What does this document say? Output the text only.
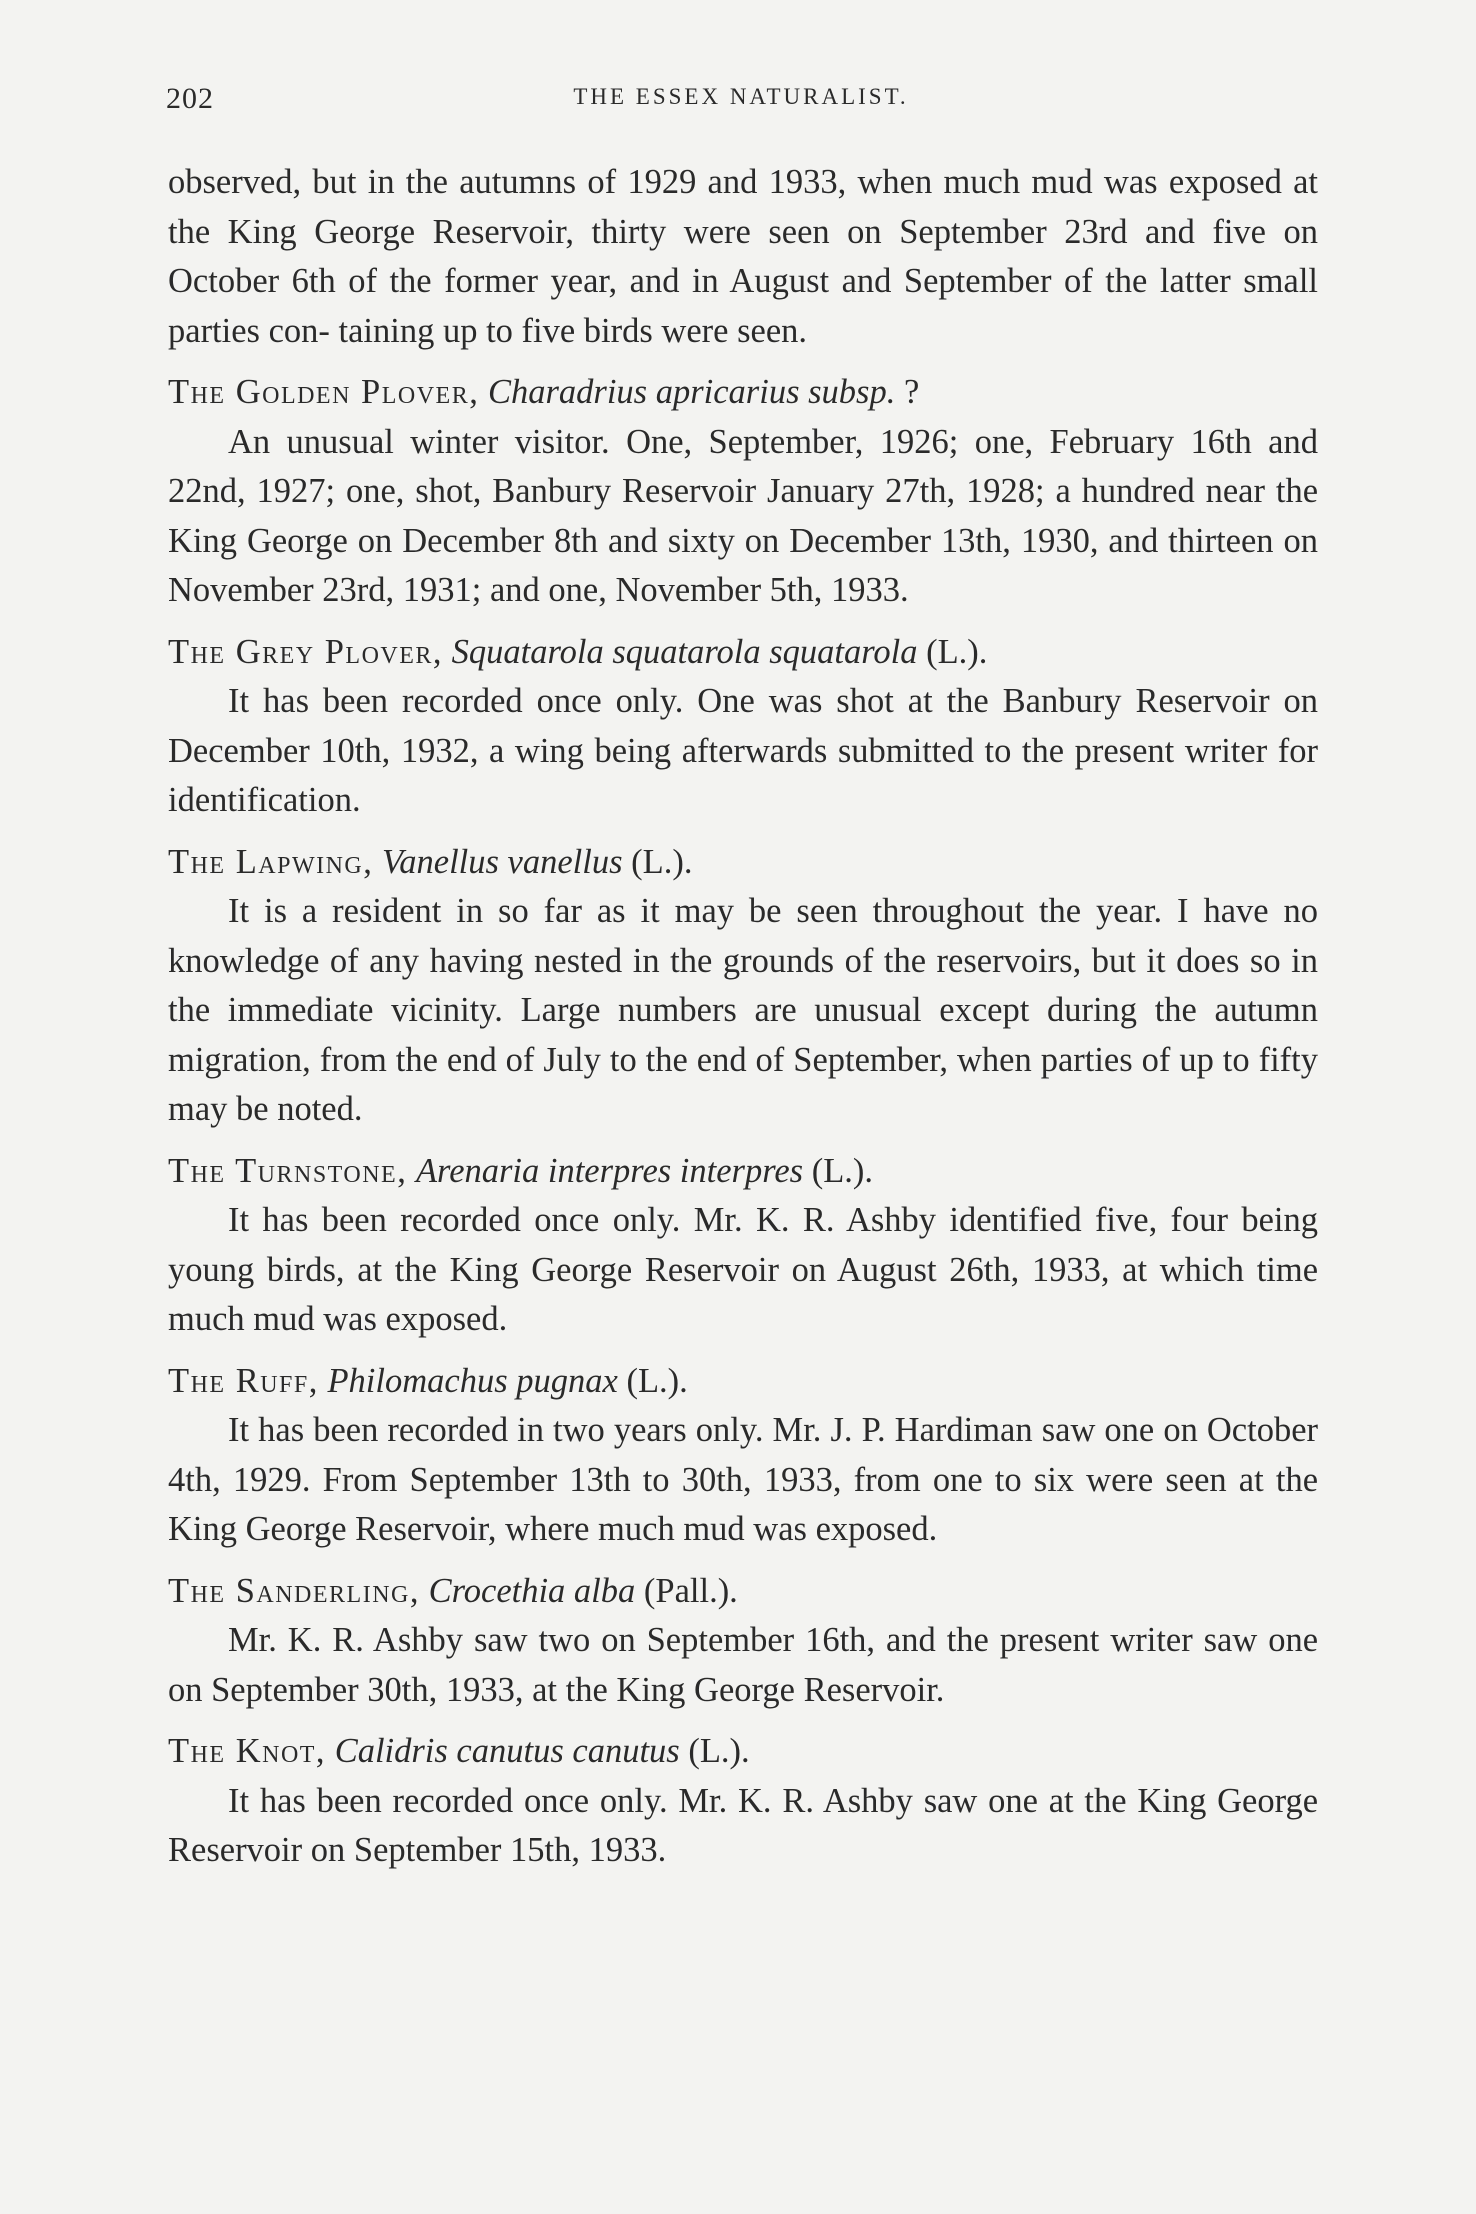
202	THE ESSEX NATURALIST.

observed, but in the autumns of 1929 and 1933, when much mud was exposed at the King George Reservoir, thirty were seen on September 23rd and five on October 6th of the former year, and in August and September of the latter small parties con- taining up to five birds were seen.

The Golden Plover, Charadrius apricarius subsp. ?

An unusual winter visitor. One, September, 1926; one, February 16th and 22nd, 1927; one, shot, Banbury Reservoir January 27th, 1928; a hundred near the King George on December 8th and sixty on December 13th, 1930, and thirteen on November 23rd, 1931; and one, November 5th, 1933.

The Grey Plover, Squatarola squatarola squatarola (L.).

It has been recorded once only. One was shot at the Banbury Reservoir on December 10th, 1932, a wing being afterwards submitted to the present writer for identification.

The Lapwing, Vanellus vanellus (L.).

It is a resident in so far as it may be seen throughout the year. I have no knowledge of any having nested in the grounds of the reservoirs, but it does so in the immediate vicinity. Large numbers are unusual except during the autumn migration, from the end of July to the end of September, when parties of up to fifty may be noted.

The Turnstone, Arenaria interpres interpres (L.).

It has been recorded once only. Mr. K. R. Ashby identified five, four being young birds, at the King George Reservoir on August 26th, 1933, at which time much mud was exposed.

The Ruff, Philomachus pugnax (L.).

It has been recorded in two years only. Mr. J. P. Hardiman saw one on October 4th, 1929. From September 13th to 30th, 1933, from one to six were seen at the King George Reservoir, where much mud was exposed.

The Sanderling, Crocethia alba (Pall.).

Mr. K. R. Ashby saw two on September 16th, and the present writer saw one on September 30th, 1933, at the King George Reservoir.

The Knot, Calidris canutus canutus (L.).

It has been recorded once only. Mr. K. R. Ashby saw one at the King George Reservoir on September 15th, 1933.
